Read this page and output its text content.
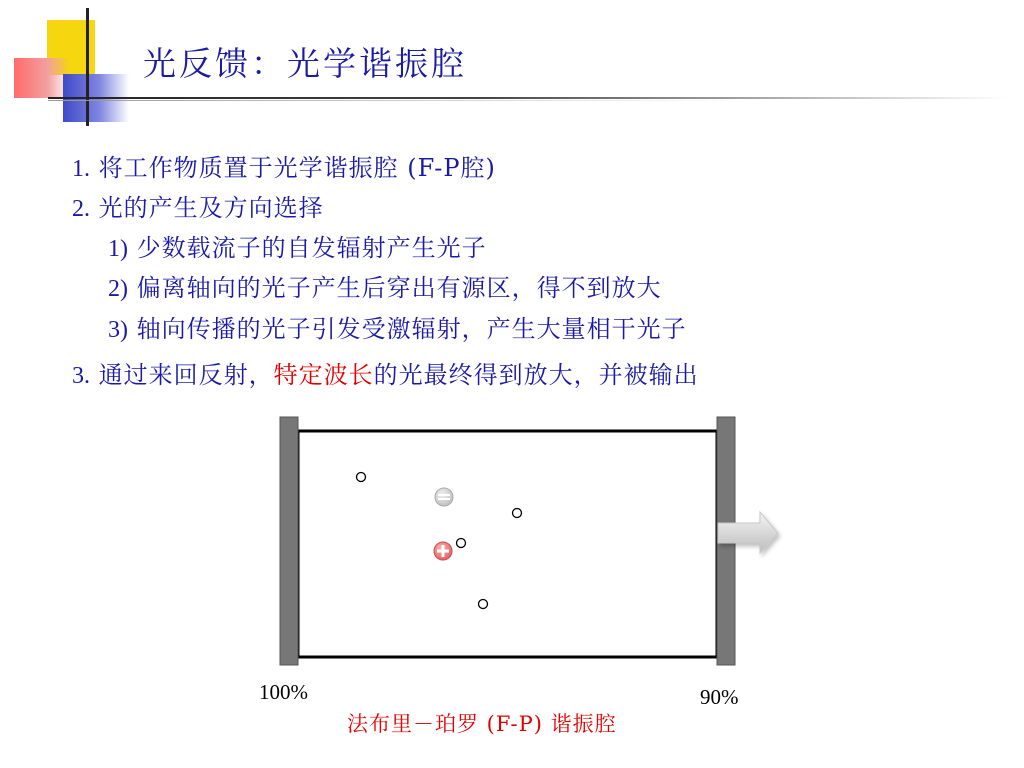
光反馈：光学谐振腔
1. 将工作物质置于光学谐振腔 (F-P腔)
2. 光的产生及方向选择
1) 少数载流子的自发辐射产生光子
2) 偏离轴向的光子产生后穿出有源区，得不到放大
3) 轴向传播的光子引发受激辐射，产生大量相干光子
3. 通过来回反射，特定波长的光最终得到放大，并被输出
100%	90%
法布里－珀罗 (F-P) 谐振腔
